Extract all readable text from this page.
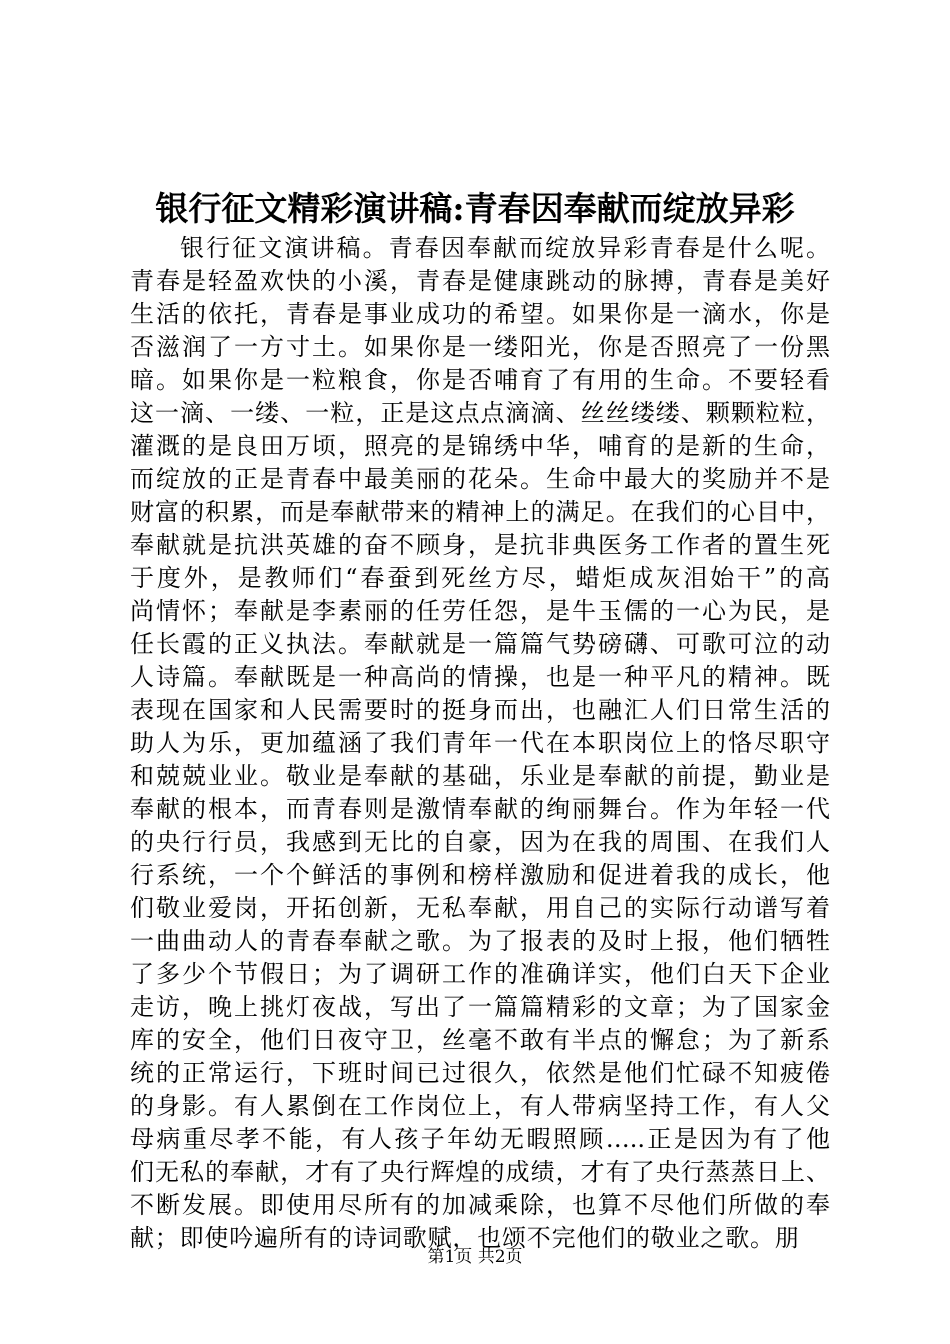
银行征文精彩演讲稿:青春因奉献而绽放异彩
银行征文演讲稿。青春因奉献而绽放异彩青春是什么呢。
青春是轻盈欢快的小溪，青春是健康跳动的脉搏，青春是美好
生活的依托，青春是事业成功的希望。如果你是一滴水，你是
否滋润了一方寸土。如果你是一缕阳光，你是否照亮了一份黑
暗。如果你是一粒粮食，你是否哺育了有用的生命。不要轻看
这一滴、一缕、一粒，正是这点点滴滴、丝丝缕缕、颗颗粒粒，
灌溉的是良田万顷，照亮的是锦绣中华，哺育的是新的生命，
而绽放的正是青春中最美丽的花朵。生命中最大的奖励并不是
财富的积累，而是奉献带来的精神上的满足。在我们的心目中，
奉献就是抗洪英雄的奋不顾身，是抗非典医务工作者的置生死
于度外，是教师们“春蚕到死丝方尽，蜡炬成灰泪始干”的高
尚情怀；奉献是李素丽的任劳任怨，是牛玉儒的一心为民，是
任长霞的正义执法。奉献就是一篇篇气势磅礴、可歌可泣的动
人诗篇。奉献既是一种高尚的情操，也是一种平凡的精神。既
表现在国家和人民需要时的挺身而出，也融汇人们日常生活的
助人为乐，更加蕴涵了我们青年一代在本职岗位上的恪尽职守
和兢兢业业。敬业是奉献的基础，乐业是奉献的前提，勤业是
奉献的根本，而青春则是激情奉献的绚丽舞台。作为年轻一代
的央行行员，我感到无比的自豪，因为在我的周围、在我们人
行系统，一个个鲜活的事例和榜样激励和促进着我的成长，他
们敬业爱岗，开拓创新，无私奉献，用自己的实际行动谱写着
一曲曲动人的青春奉献之歌。为了报表的及时上报，他们牺牲
了多少个节假日；为了调研工作的准确详实，他们白天下企业
走访，晚上挑灯夜战，写出了一篇篇精彩的文章；为了国家金
库的安全，他们日夜守卫，丝毫不敢有半点的懈怠；为了新系
统的正常运行，下班时间已过很久，依然是他们忙碌不知疲倦
的身影。有人累倒在工作岗位上，有人带病坚持工作，有人父
母病重尽孝不能，有人孩子年幼无暇照顾…..正是因为有了他
们无私的奉献，才有了央行辉煌的成绩，才有了央行蒸蒸日上、
不断发展。即使用尽所有的加减乘除，也算不尽他们所做的奉
献；即使吟遍所有的诗词歌赋，也颂不完他们的敬业之歌。朋
第1页 共2页
